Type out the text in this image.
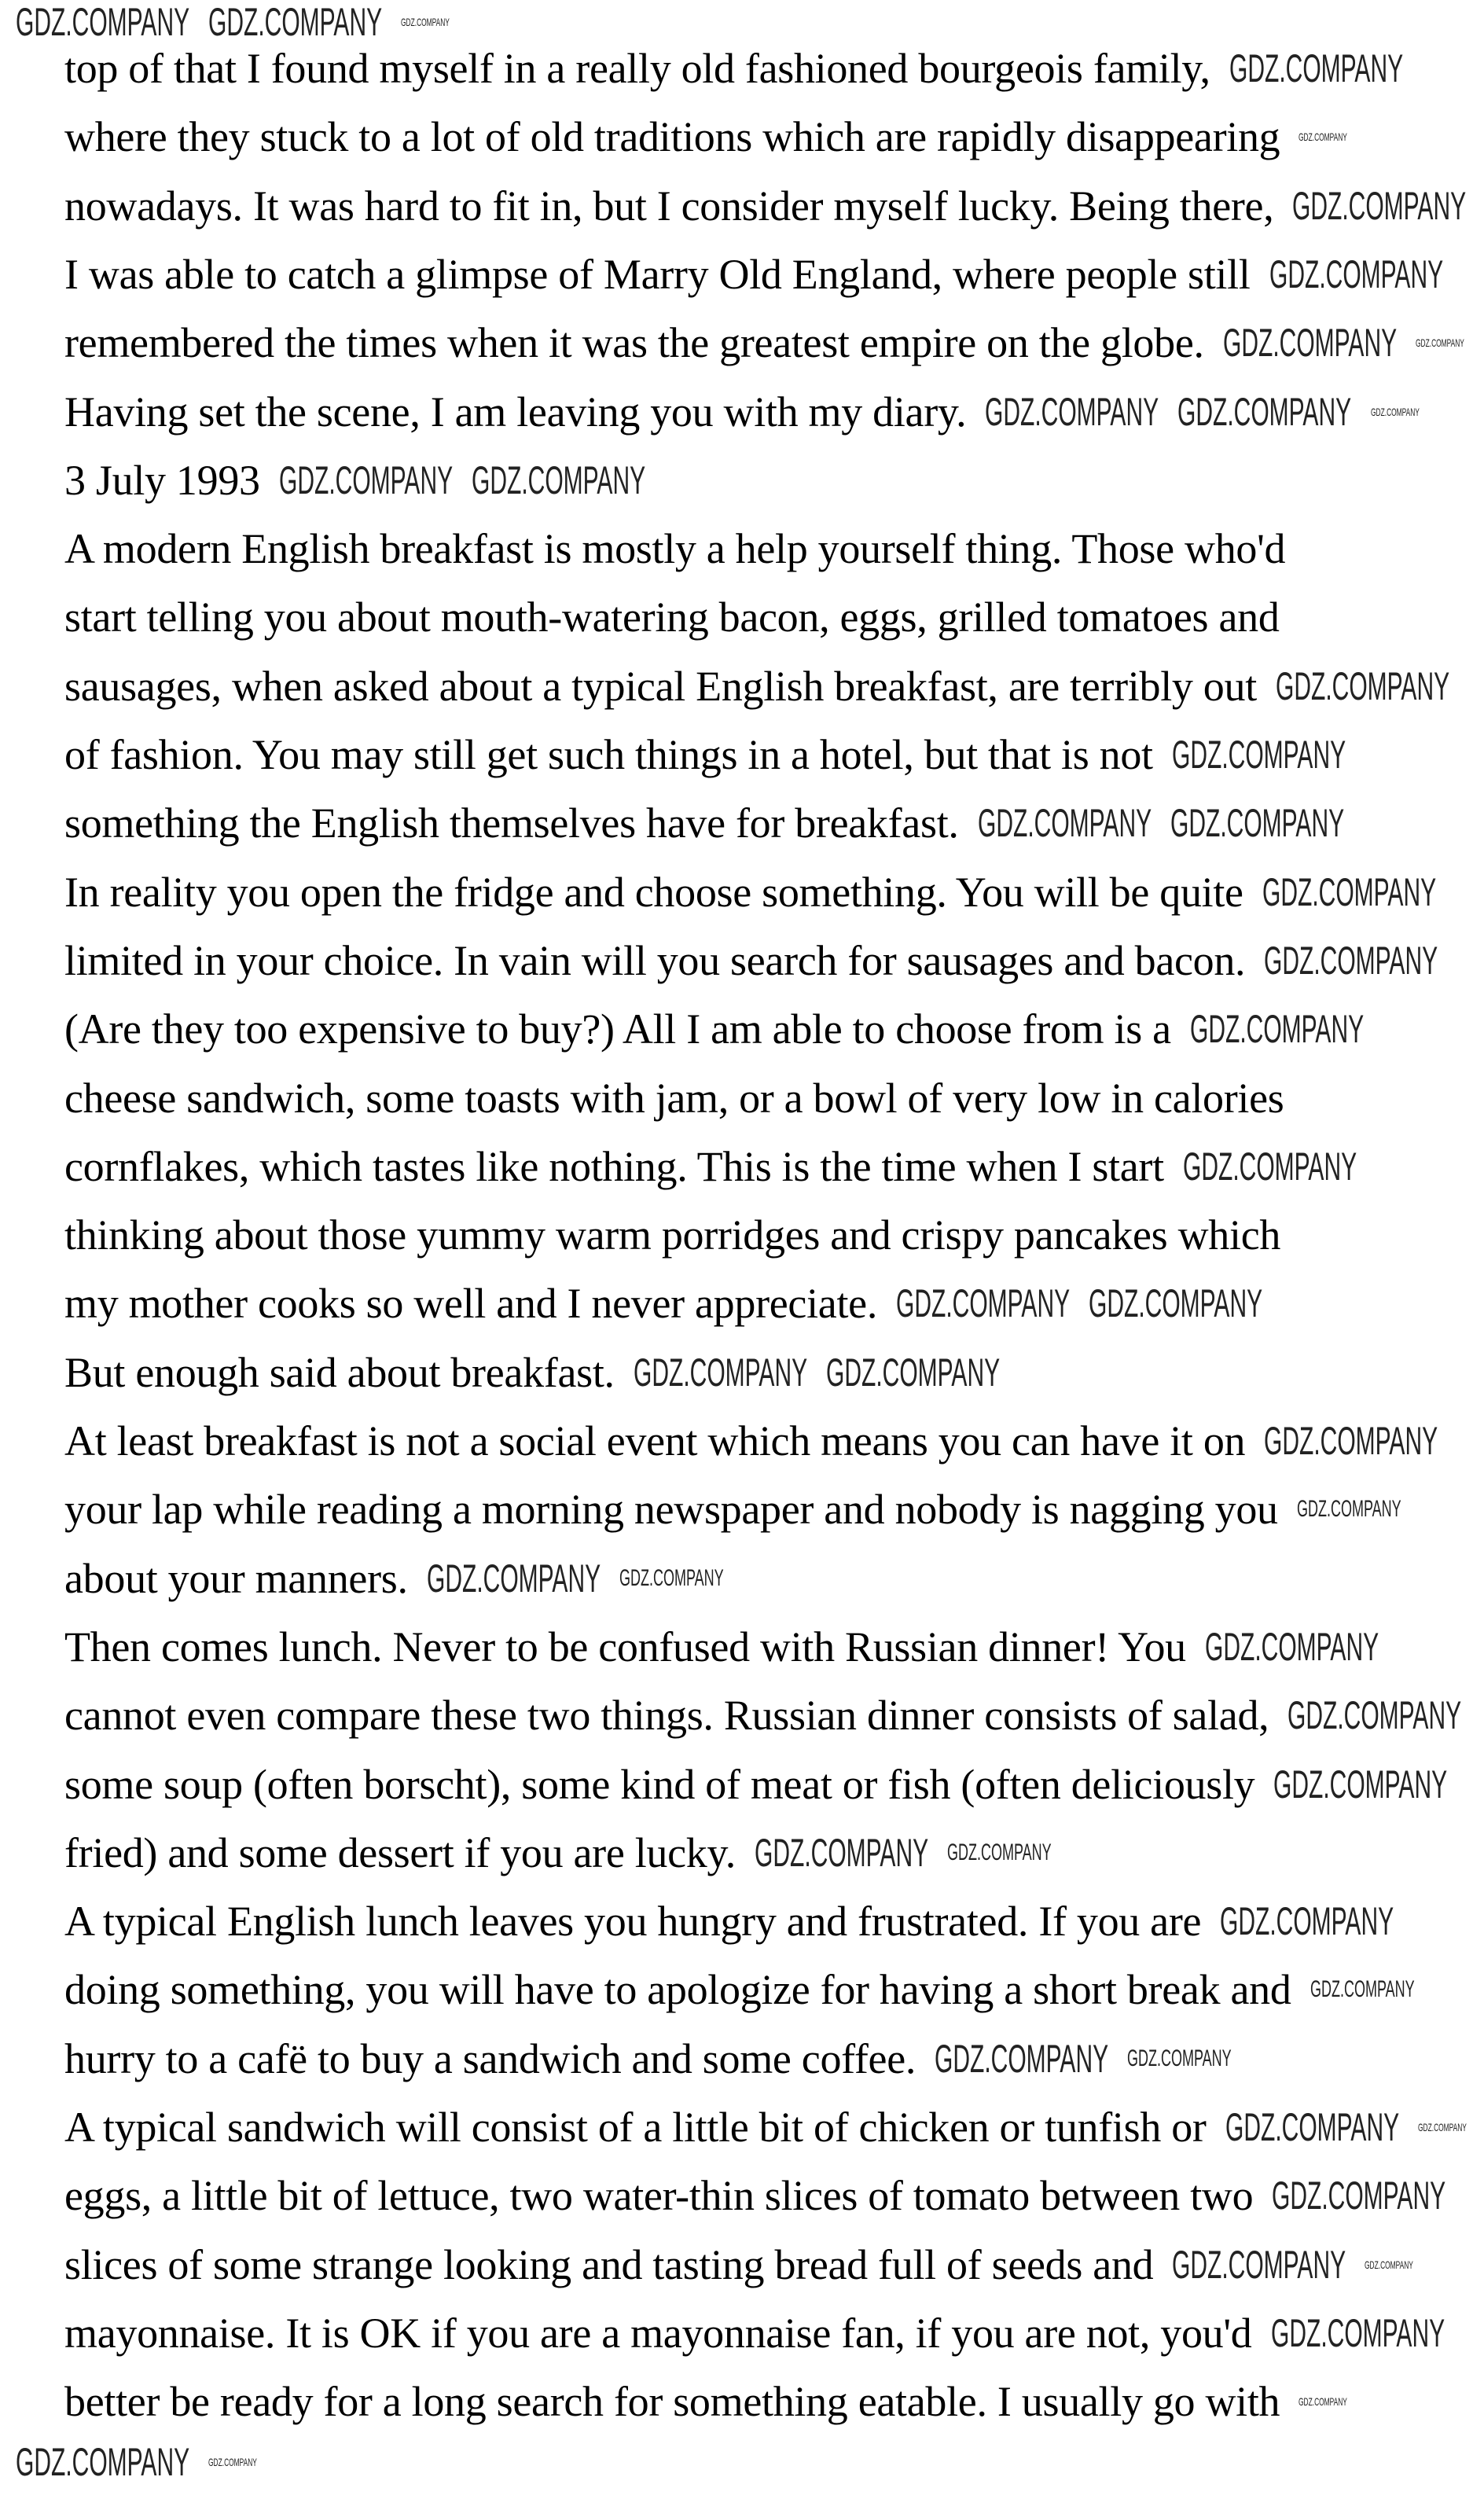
top of that I found myself in a really old fashioned bourgeois family,
where they stuck to a lot of old traditions which are rapidly disappearing
nowadays. It was hard to fit in, but I consider myself lucky. Being there,
I was able to catch a glimpse of Marry Old England, where people still
remembered the times when it was the greatest empire on the globe.
Having set the scene, I am leaving you with my diary.
3 July 1993
A modern English breakfast is mostly a help yourself thing. Those who'd
start telling you about mouth-watering bacon, eggs, grilled tomatoes and
sausages, when asked about a typical English breakfast, are terribly out
of fashion. You may still get such things in a hotel, but that is not
something the English themselves have for breakfast.
In reality you open the fridge and choose something. You will be quite
limited in your choice. In vain will you search for sausages and bacon.
(Are they too expensive to buy?) All I am able to choose from is a
cheese sandwich, some toasts with jam, or a bowl of very low in calories
cornflakes, which tastes like nothing. This is the time when I start
thinking about those yummy warm porridges and crispy pancakes which
my mother cooks so well and I never appreciate.
But enough said about breakfast.
At least breakfast is not a social event which means you can have it on
your lap while reading a morning newspaper and nobody is nagging you
about your manners.
Then comes lunch. Never to be confused with Russian dinner! You
cannot even compare these two things. Russian dinner consists of salad,
some soup (often borscht), some kind of meat or fish (often deliciously
fried) and some dessert if you are lucky.
A typical English lunch leaves you hungry and frustrated. If you are
doing something, you will have to apologize for having a short break and
hurry to a cafë to buy a sandwich and some coffee.
A typical sandwich will consist of a little bit of chicken or tunfish or
eggs, a little bit of lettuce, two water-thin slices of tomato between two
slices of some strange looking and tasting bread full of seeds and
mayonnaise. It is OK if you are a mayonnaise fan, if you are not, you'd
better be ready for a long search for something eatable. I usually go with
GDZ.COMPANY
GDZ.COMPANY
GDZ.COMPANY
GDZ.COMPANY
GDZ.COMPANY
GDZ.COMPANY
GDZ.COMPANY
GDZ.COMPANY
GDZ.COMPANY
GDZ.COMPANY
GDZ.COMPANY
GDZ.COMPANY
GDZ.COMPANY
GDZ.COMPANY
GDZ.COMPANY
GDZ.COMPANY
GDZ.COMPANY
GDZ.COMPANY
GDZ.COMPANY
GDZ.COMPANY
GDZ.COMPANY
GDZ.COMPANY
GDZ.COMPANY
GDZ.COMPANY
GDZ.COMPANY
GDZ.COMPANY
GDZ.COMPANY
GDZ.COMPANY
GDZ.COMPANY
GDZ.COMPANY
GDZ.COMPANY
GDZ.COMPANY
GDZ.COMPANY
GDZ.COMPANY
GDZ.COMPANY
GDZ.COMPANY
GDZ.COMPANY
GDZ.COMPANY
GDZ.COMPANY
GDZ.COMPANY
GDZ.COMPANY
GDZ.COMPANY
GDZ.COMPANY
GDZ.COMPANY
GDZ.COMPANY
GDZ.COMPANY
GDZ.COMPANY
GDZ.COMPANY
